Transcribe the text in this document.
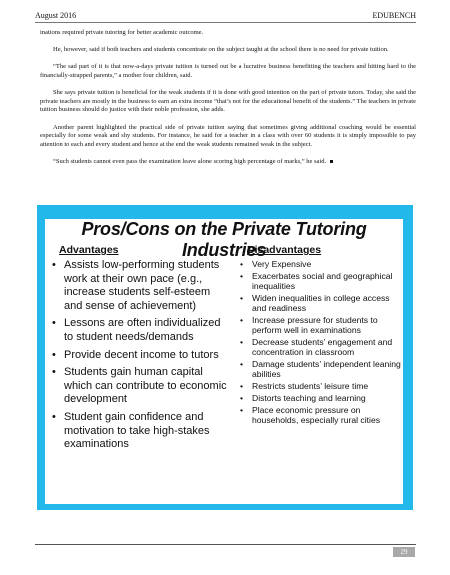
August 2016	EDUBENCH

inations required private tutoring for better academic outcome.

He, however, said if both teachers and students concentrate on the subject taught at the school there is no need for private tuition.

“The sad part of it is that now-a-days private tuition is turned out be a lucrative business benefitting the teachers and hitting hard to the financially-strapped parents,” a mother four children, said.

She says private tuition is beneficial for the weak students if it is done with good intention on the part of private tutors. Today, she said the private teachers are mostly in the business to earn an extra income “that’s not for the educational benefit of the students.” The teachers in private tuition business should do justice with their noble profession, she adds.

Another parent highlighted the practical side of private tuition saying that sometimes giving additional coaching would be essential especially for some weak and shy students. For instance, he said for a teacher in a class with over 60 students it is simply impossible to pay attention to each and every student and hence at the end the weak students remained weak in the subject.

“Such students cannot even pass the examination leave alone scoring high percentage of marks,” he said.

Pros/Cons on the Private Tutoring Industries
Advantages
• Assists low-performing students work at their own pace (e.g., increase students self-esteem and sense of achievement)
• Lessons are often individualized to student needs/demands
• Provide decent income to tutors
• Students gain human capital which can contribute to economic development
• Student gain confidence and motivation to take high-stakes examinations
Disadvantages
• Very Expensive
• Exacerbates social and geographical inequalities
• Widen inequalities in college access and readiness
• Increase pressure for students to perform well in examinations
• Decrease students’ engagement and concentration in classroom
• Damage students’ independent leaning abilities
• Restricts students’ leisure time
• Distorts teaching and learning
• Place economic pressure on households, especially rural cities
29
